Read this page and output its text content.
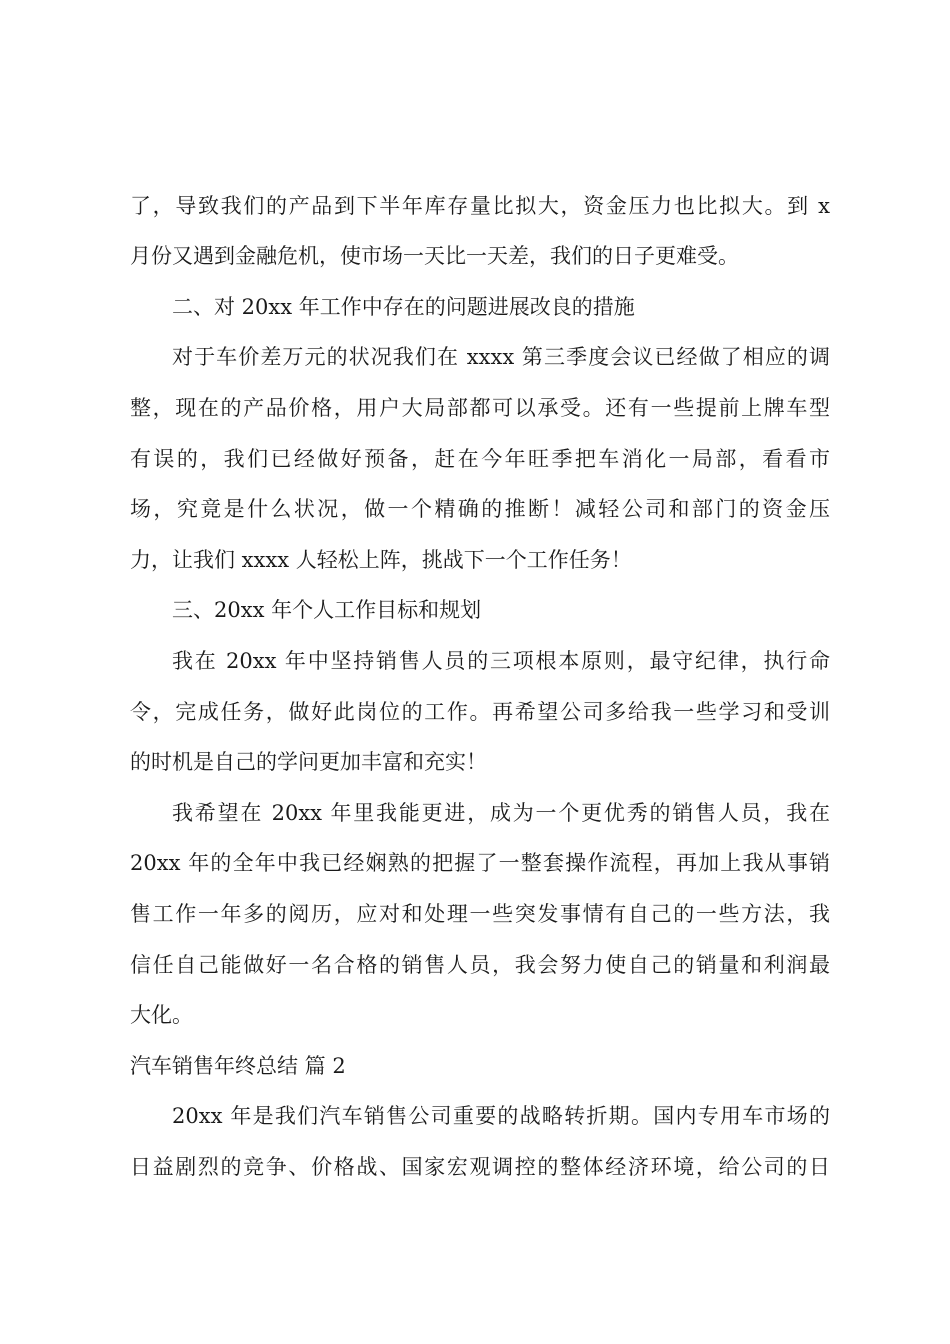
了，导致我们的产品到下半年库存量比拟大，资金压力也比拟大。到 x
月份又遇到金融危机，使市场一天比一天差，我们的日子更难受。
二、对 20xx 年工作中存在的问题进展改良的措施
对于车价差万元的状况我们在 xxxx 第三季度会议已经做了相应的调
整，现在的产品价格，用户大局部都可以承受。还有一些提前上牌车型
有误的，我们已经做好预备，赶在今年旺季把车消化一局部，看看市
场，究竟是什么状况，做一个精确的推断！减轻公司和部门的资金压
力，让我们 xxxx 人轻松上阵，挑战下一个工作任务！
三、20xx 年个人工作目标和规划
我在 20xx 年中坚持销售人员的三项根本原则，最守纪律，执行命
令，完成任务，做好此岗位的工作。再希望公司多给我一些学习和受训
的时机是自己的学问更加丰富和充实！
我希望在 20xx 年里我能更进，成为一个更优秀的销售人员，我在
20xx 年的全年中我已经娴熟的把握了一整套操作流程，再加上我从事销
售工作一年多的阅历，应对和处理一些突发事情有自己的一些方法，我
信任自己能做好一名合格的销售人员，我会努力使自己的销量和利润最
大化。
汽车销售年终总结 篇 2
20xx 年是我们汽车销售公司重要的战略转折期。国内专用车市场的
日益剧烈的竞争、价格战、国家宏观调控的整体经济环境，给公司的日
